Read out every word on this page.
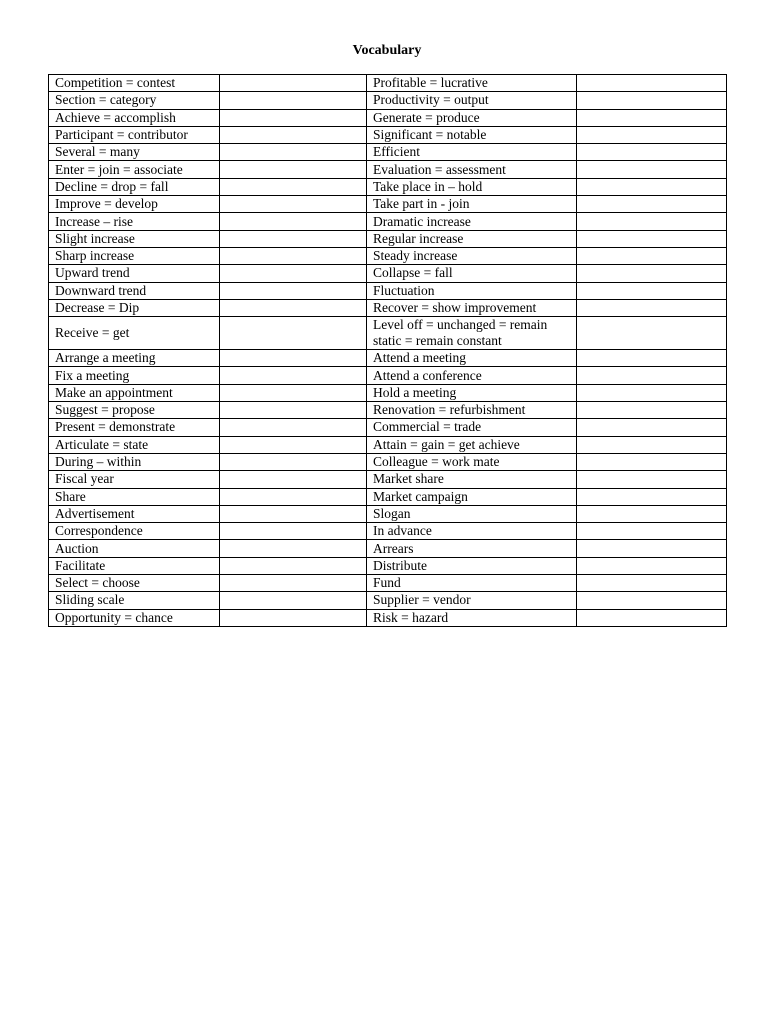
Vocabulary
Competition = contest		Profitable = lucrative	
Section = category		Productivity = output	
Achieve = accomplish		Generate = produce	
Participant = contributor		Significant = notable	
Several = many		Efficient	
Enter = join = associate		Evaluation = assessment	
Decline = drop = fall		Take place in – hold	
Improve = develop		Take part in - join	
Increase – rise		Dramatic increase	
Slight increase		Regular increase	
Sharp increase		Steady increase	
Upward trend		Collapse = fall	
Downward trend		Fluctuation	
Decrease = Dip		Recover = show improvement	
Receive = get		Level off = unchanged = remain static = remain constant	
Arrange a meeting		Attend a meeting	
Fix a meeting		Attend a conference	
Make an appointment		Hold a meeting	
Suggest = propose		Renovation = refurbishment	
Present = demonstrate		Commercial = trade	
Articulate = state		Attain = gain = get achieve	
During – within		Colleague = work mate	
Fiscal year		Market share	
Share		Market campaign	
Advertisement		Slogan	
Correspondence		In advance	
Auction		Arrears	
Facilitate		Distribute	
Select = choose		Fund	
Sliding scale		Supplier = vendor	
Opportunity = chance		Risk = hazard	
